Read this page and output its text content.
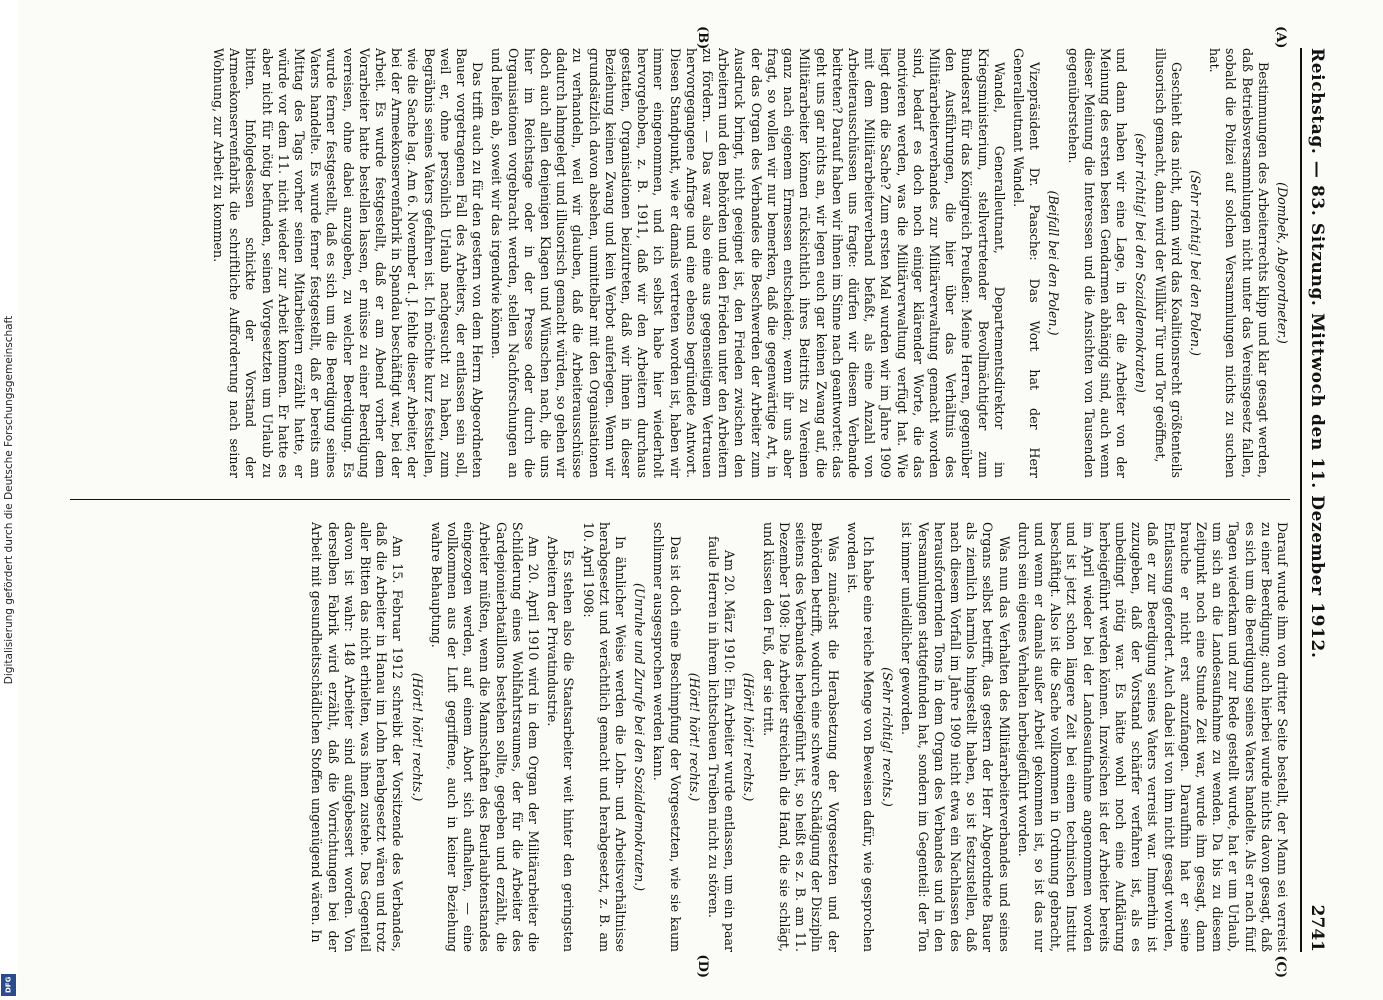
Digitalisierung gefördert durch die Deutsche Forschungsgemeinschaft
DFG
Reichstag. — 83. Sitzung. Mittwoch den 11. Dezember 1912.
2741

(Dombek, Abgeordneter.)

Bestimmungen des Arbeiterrechts klipp und klar gesagt werden, daß Betriebsversammlungen nicht unter das Vereinsgesetz fallen, sobald die Polizei auf solchen Versammlungen nichts zu suchen hat.

(Sehr richtig! bei den Polen.)

Geschieht das nicht, dann wird das Koalitionsrecht größtenteils illusorisch gemacht, dann wird der Willkür Tür und Tor geöffnet,

(sehr richtig! bei den Sozialdemokraten)

und dann haben wir eine Lage, in der die Arbeiter von der Meinung des ersten besten Gendarmen abhängig sind, auch wenn dieser Meinung die Interessen und die Ansichten von Tausenden gegenüberstehen.

(Beifall bei den Polen.)

Vizepräsident Dr. Paasche: Das Wort hat der Herr Generalleutnant Wandel.

Wandel, Generalleutnant, Departementsdirektor im Kriegsministerium, stellvertretender Bevollmächtigter zum Bundesrat für das Königreich Preußen: Meine Herren, gegenüber den Ausführungen, die hier über das Verhältnis des Militärarbeiterverbandes zur Militärverwaltung gemacht worden sind, bedarf es doch noch einiger klärender Worte, die das motivieren werden, was die Militärverwaltung verfügt hat. Wie liegt denn die Sache? Zum ersten Mal wurden wir im Jahre 1909 mit dem Militärarbeiterverband befaßt, als eine Anzahl von Arbeiterausschüssen uns fragte: dürfen wir diesem Verbande beitreten? Darauf haben wir ihnen im Sinne nach geantwortet: das geht uns gar nichts an, wir legen euch gar keinen Zwang auf, die Militärarbeiter können rücksichtlich ihres Beitritts zu Vereinen ganz nach eigenem Ermessen entscheiden; wenn ihr uns aber fragt, so wollen wir nur bemerken, daß die gegenwärtige Art, in der das Organ des Verbandes die Beschwerden der Arbeiter zum Ausdruck bringt, nicht geeignet ist, den Frieden zwischen den Arbeitern und den Behörden und den Frieden unter den Arbeitern zu fördern. — Das war also eine aus gegenseitigem Vertrauen hervorgegangene Anfrage und eine ebenso begründete Antwort. Diesen Standpunkt, wie er damals vertreten worden ist, haben wir immer eingenommen, und ich selbst habe hier wiederholt hervorgehoben, z. B. 1911, daß wir den Arbeitern durchaus gestatten, Organisationen beizutreten, daß wir ihnen in dieser Beziehung keinen Zwang und kein Verbot auferlegen. Wenn wir grundsätzlich davon absehen, unmittelbar mit den Organisationen zu verhandeln, weil wir glauben, daß die Arbeiterausschüsse dadurch lahmgelegt und illusorisch gemacht würden, so gehen wir doch auch allen denjenigen Klagen und Wünschen nach, die uns hier im Reichstage oder in der Presse oder durch die Organisationen vorgebracht werden, stellen Nachforschungen an und helfen ab, soweit wir das irgendwie können.

Das trifft auch zu für den gestern von dem Herrn Abgeordneten Bauer vorgetragenen Fall des Arbeiters, der entlassen sein soll, weil er, ohne persönlich Urlaub nachgesucht zu haben, zum Begräbnis seines Vaters gefahren ist. Ich möchte kurz feststellen, wie die Sache lag. Am 6. November d. J. fehlte dieser Arbeiter, der bei der Armeekonservenfabrik in Spandau beschäftigt war, bei der Arbeit. Es wurde festgestellt, daß er am Abend vorher dem Vorarbeiter hatte bestellen lassen, er müsse zu einer Beerdigung verreisen, ohne dabei anzugeben, zu welcher Beerdigung. Es wurde ferner festgestellt, daß es sich um die Beerdigung seines Vaters handelte. Es wurde ferner festgestellt, daß er bereits am Mittag des Tags vorher seinen Mitarbeitern erzählt hatte, er würde vor dem 11. nicht wieder zur Arbeit kommen. Er hatte es aber nicht für nötig befunden, seinen Vorgesetzten um Urlaub zu bitten. Infolgedessen schickte der Vorstand der Armeekonservenfabrik die schriftliche Aufforderung nach seiner Wohnung, zur Arbeit zu kommen.

Darauf wurde ihm von dritter Seite bestellt, der Mann sei verreist zu einer Beerdigung; auch hierbei wurde nichts davon gesagt, daß es sich um die Beerdigung seines Vaters handelte. Als er nach fünf Tagen wiederkam und zur Rede gestellt wurde, hat er um Urlaub, um sich an die Landesaufnahme zu wenden. Da bis zu diesem Zeitpunkt noch eine Stunde Zeit war, wurde ihm gesagt, dann brauche er nicht erst anzufangen. Daraufhin hat er seine Entlassung gefordert. Auch dabei ist von ihm nicht gesagt worden, daß er zur Beerdigung seines Vaters verreist war. Immerhin ist zuzugeben, daß der Vorstand schärfer verfahren ist, als es unbedingt nötig war. Es hätte wohl noch eine Aufklärung herbeigeführt werden können. Inzwischen ist der Arbeiter bereits im April wieder bei der Landesaufnahme angenommen worden und ist jetzt schon längere Zeit bei einem technischen Institut beschäftigt. Also ist die Sache vollkommen in Ordnung gebracht, und wenn er damals außer Arbeit gekommen ist, so ist das nur durch sein eigenes Verhalten herbeigeführt worden.

Was nun das Verhalten des Militärarbeiterverbandes und seines Organs selbst betrifft, das gestern der Herr Abgeordnete Bauer als ziemlich harmlos hingestellt haben, so ist festzustellen, daß nach diesem Vorfall im Jahre 1909 nicht etwa ein Nachlassen des herausfordernden Tons in dem Organ des Verbandes und in den Versammlungen stattgefunden hat, sondern im Gegenteil: der Ton ist immer unleidlicher geworden.

(Sehr richtig! rechts.)

Ich habe eine reiche Menge von Beweisen dafür, wie gesprochen worden ist.

Was zunächst die Herabsetzung der Vorgesetzten und der Behörden betrifft, wodurch eine schwere Schädigung der Disziplin seitens des Verbandes herbeigeführt ist, so heißt es z. B. am 11. Dezember 1908: Die Arbeiter streicheln die Hand, die sie schlägt, und küssen den Fuß, der sie tritt.

(Hört! hört! rechts.)

Am 20. März 1910: Ein Arbeiter wurde entlassen, um ein paar faule Herren in ihrem lichtscheuen Treiben nicht zu stören.

(Hört! hört! rechts.)

Das ist doch eine Beschimpfung der Vorgesetzten, wie sie kaum schlimmer ausgesprochen werden kann.

(Unruhe und Zurufe bei den Sozialdemokraten.)

In ähnlicher Weise werden die Lohn- und Arbeitsverhältnisse herabgesetzt und verächtlich gemacht und herabgesetzt, z. B. am 10. April 1908:

Es stehen also die Staatsarbeiter weit hinter den geringsten Arbeitern der Privatindustrie.

Am 20. April 1910 wird in dem Organ der Militärarbeiter die Schilderung eines Wohlfahrtsraumes, der für die Arbeiter des Gardepionierbataillons bestehen sollte, gegeben und erzählt, die Arbeiter müßten, wenn die Mannschaften des Beurlaubtenstandes eingezogen werden, auf einem Abort sich aufhalten, — eine vollkommen aus der Luft gegriffene, auch in keiner Beziehung wahre Behauptung.

(Hört! hört! rechts.)

Am 15. Februar 1912 schreibt der Vorsitzende des Verbandes, daß die Arbeiter in Hanau im Lohn herabgesetzt wären und trotz aller Bitten das nicht erhielten, was ihnen zustehe. Das Gegenteil davon ist wahr: 148 Arbeiter sind aufgebessert worden. Von derselben Fabrik wird erzählt, daß die Vorrichtungen bei der Arbeit mit gesundheitsschädlichen Stoffen ungenügend wären. In

(A)
(B)
(C)
(D)
